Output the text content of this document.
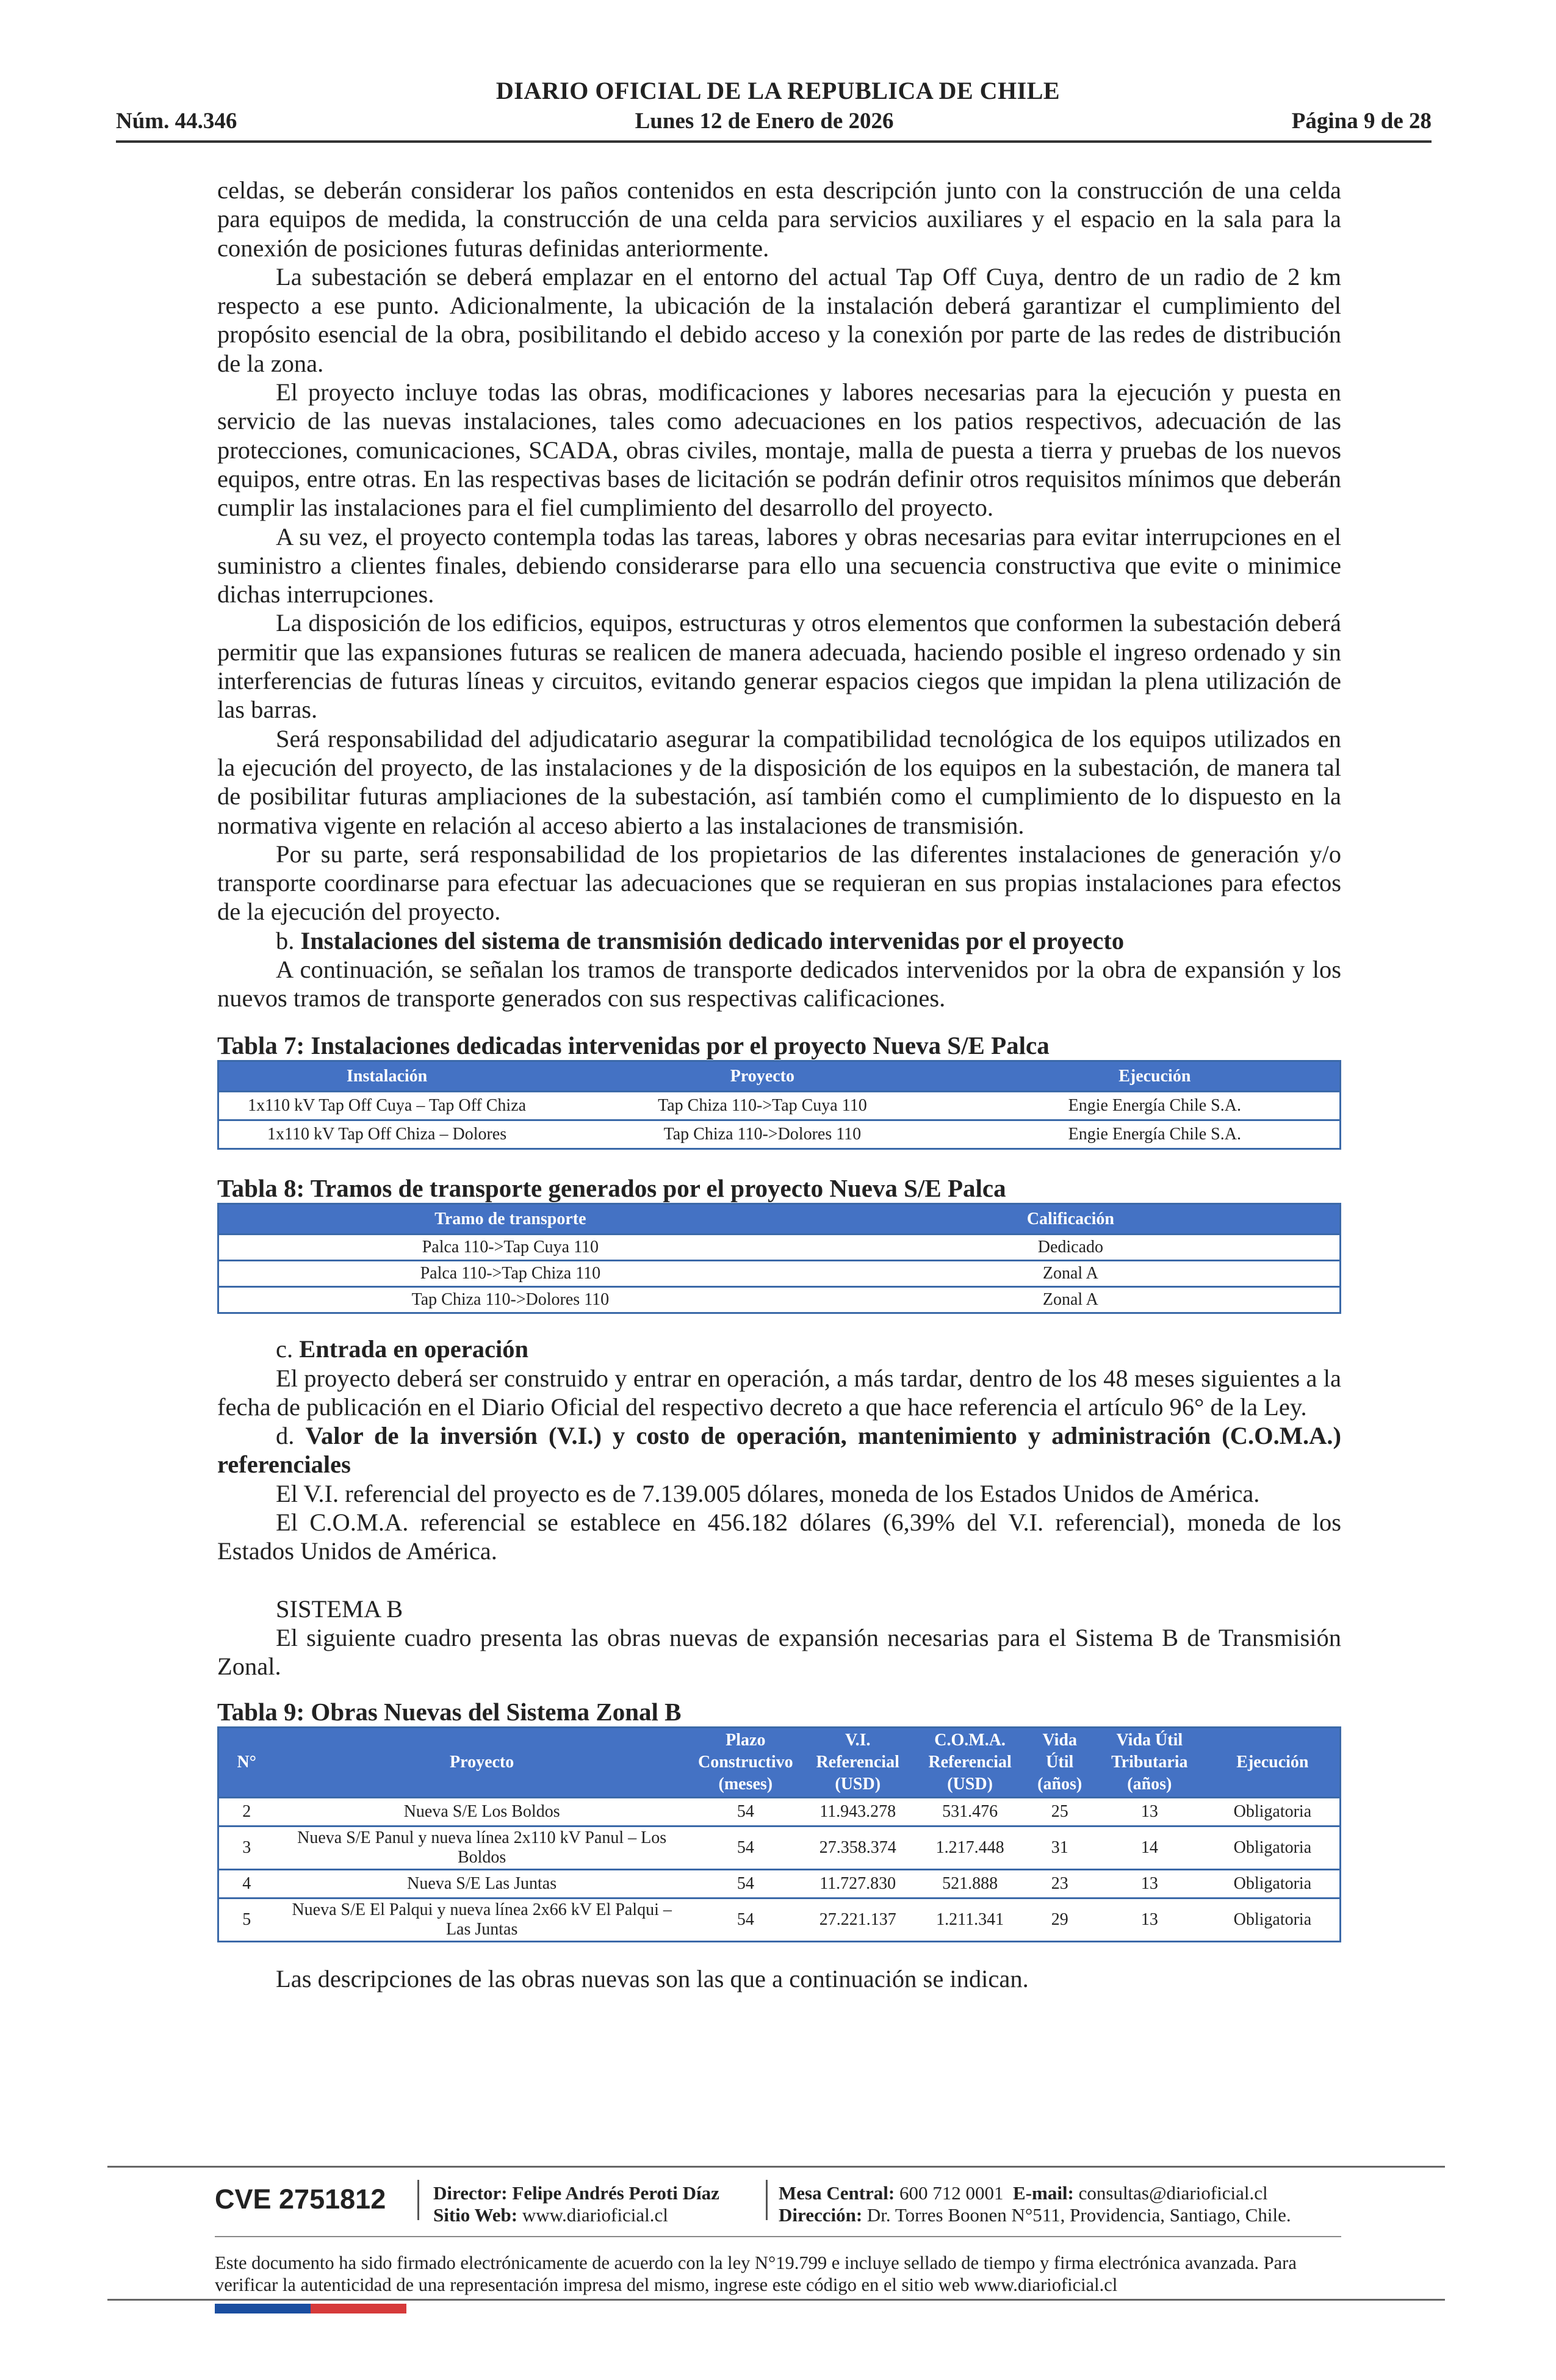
DIARIO OFICIAL DE LA REPUBLICA DE CHILE
Núm. 44.346	Lunes 12 de Enero de 2026	Página 9 de 28

celdas, se deberán considerar los paños contenidos en esta descripción junto con la construcción de una celda para equipos de medida, la construcción de una celda para servicios auxiliares y el espacio en la sala para la conexión de posiciones futuras definidas anteriormente.

La subestación se deberá emplazar en el entorno del actual Tap Off Cuya, dentro de un radio de 2 km respecto a ese punto. Adicionalmente, la ubicación de la instalación deberá garantizar el cumplimiento del propósito esencial de la obra, posibilitando el debido acceso y la conexión por parte de las redes de distribución de la zona.

El proyecto incluye todas las obras, modificaciones y labores necesarias para la ejecución y puesta en servicio de las nuevas instalaciones, tales como adecuaciones en los patios respectivos, adecuación de las protecciones, comunicaciones, SCADA, obras civiles, montaje, malla de puesta a tierra y pruebas de los nuevos equipos, entre otras. En las respectivas bases de licitación se podrán definir otros requisitos mínimos que deberán cumplir las instalaciones para el fiel cumplimiento del desarrollo del proyecto.

A su vez, el proyecto contempla todas las tareas, labores y obras necesarias para evitar interrupciones en el suministro a clientes finales, debiendo considerarse para ello una secuencia constructiva que evite o minimice dichas interrupciones.

La disposición de los edificios, equipos, estructuras y otros elementos que conformen la subestación deberá permitir que las expansiones futuras se realicen de manera adecuada, haciendo posible el ingreso ordenado y sin interferencias de futuras líneas y circuitos, evitando generar espacios ciegos que impidan la plena utilización de las barras.

Será responsabilidad del adjudicatario asegurar la compatibilidad tecnológica de los equipos utilizados en la ejecución del proyecto, de las instalaciones y de la disposición de los equipos en la subestación, de manera tal de posibilitar futuras ampliaciones de la subestación, así también como el cumplimiento de lo dispuesto en la normativa vigente en relación al acceso abierto a las instalaciones de transmisión.

Por su parte, será responsabilidad de los propietarios de las diferentes instalaciones de generación y/o transporte coordinarse para efectuar las adecuaciones que se requieran en sus propias instalaciones para efectos de la ejecución del proyecto.

b. Instalaciones del sistema de transmisión dedicado intervenidas por el proyecto

A continuación, se señalan los tramos de transporte dedicados intervenidos por la obra de expansión y los nuevos tramos de transporte generados con sus respectivas calificaciones.

Tabla 7: Instalaciones dedicadas intervenidas por el proyecto Nueva S/E Palca

Instalación	Proyecto	Ejecución
1x110 kV Tap Off Cuya – Tap Off Chiza	Tap Chiza 110->Tap Cuya 110	Engie Energía Chile S.A.
1x110 kV Tap Off Chiza – Dolores	Tap Chiza 110->Dolores 110	Engie Energía Chile S.A.

Tabla 8: Tramos de transporte generados por el proyecto Nueva S/E Palca

Tramo de transporte	Calificación
Palca 110->Tap Cuya 110	Dedicado
Palca 110->Tap Chiza 110	Zonal A
Tap Chiza 110->Dolores 110	Zonal A

c. Entrada en operación

El proyecto deberá ser construido y entrar en operación, a más tardar, dentro de los 48 meses siguientes a la fecha de publicación en el Diario Oficial del respectivo decreto a que hace referencia el artículo 96° de la Ley.

d. Valor de la inversión (V.I.) y costo de operación, mantenimiento y administración (C.O.M.A.) referenciales

El V.I. referencial del proyecto es de 7.139.005 dólares, moneda de los Estados Unidos de América.

El C.O.M.A. referencial se establece en 456.182 dólares (6,39% del V.I. referencial), moneda de los Estados Unidos de América.

SISTEMA B

El siguiente cuadro presenta las obras nuevas de expansión necesarias para el Sistema B de Transmisión Zonal.

Tabla 9: Obras Nuevas del Sistema Zonal B

N°	Proyecto	Plazo Constructivo (meses)	V.I. Referencial (USD)	C.O.M.A. Referencial (USD)	Vida Útil (años)	Vida Útil Tributaria (años)	Ejecución
2	Nueva S/E Los Boldos	54	11.943.278	531.476	25	13	Obligatoria
3	Nueva S/E Panul y nueva línea 2x110 kV Panul – Los Boldos	54	27.358.374	1.217.448	31	14	Obligatoria
4	Nueva S/E Las Juntas	54	11.727.830	521.888	23	13	Obligatoria
5	Nueva S/E El Palqui y nueva línea 2x66 kV El Palqui – Las Juntas	54	27.221.137	1.211.341	29	13	Obligatoria

Las descripciones de las obras nuevas son las que a continuación se indican.

CVE 2751812	Director: Felipe Andrés Peroti Díaz
Sitio Web: www.diarioficial.cl
Mesa Central: 600 712 0001 E-mail: consultas@diarioficial.cl
Dirección: Dr. Torres Boonen N°511, Providencia, Santiago, Chile.
Este documento ha sido firmado electrónicamente de acuerdo con la ley N°19.799 e incluye sellado de tiempo y firma electrónica avanzada. Para verificar la autenticidad de una representación impresa del mismo, ingrese este código en el sitio web www.diarioficial.cl
